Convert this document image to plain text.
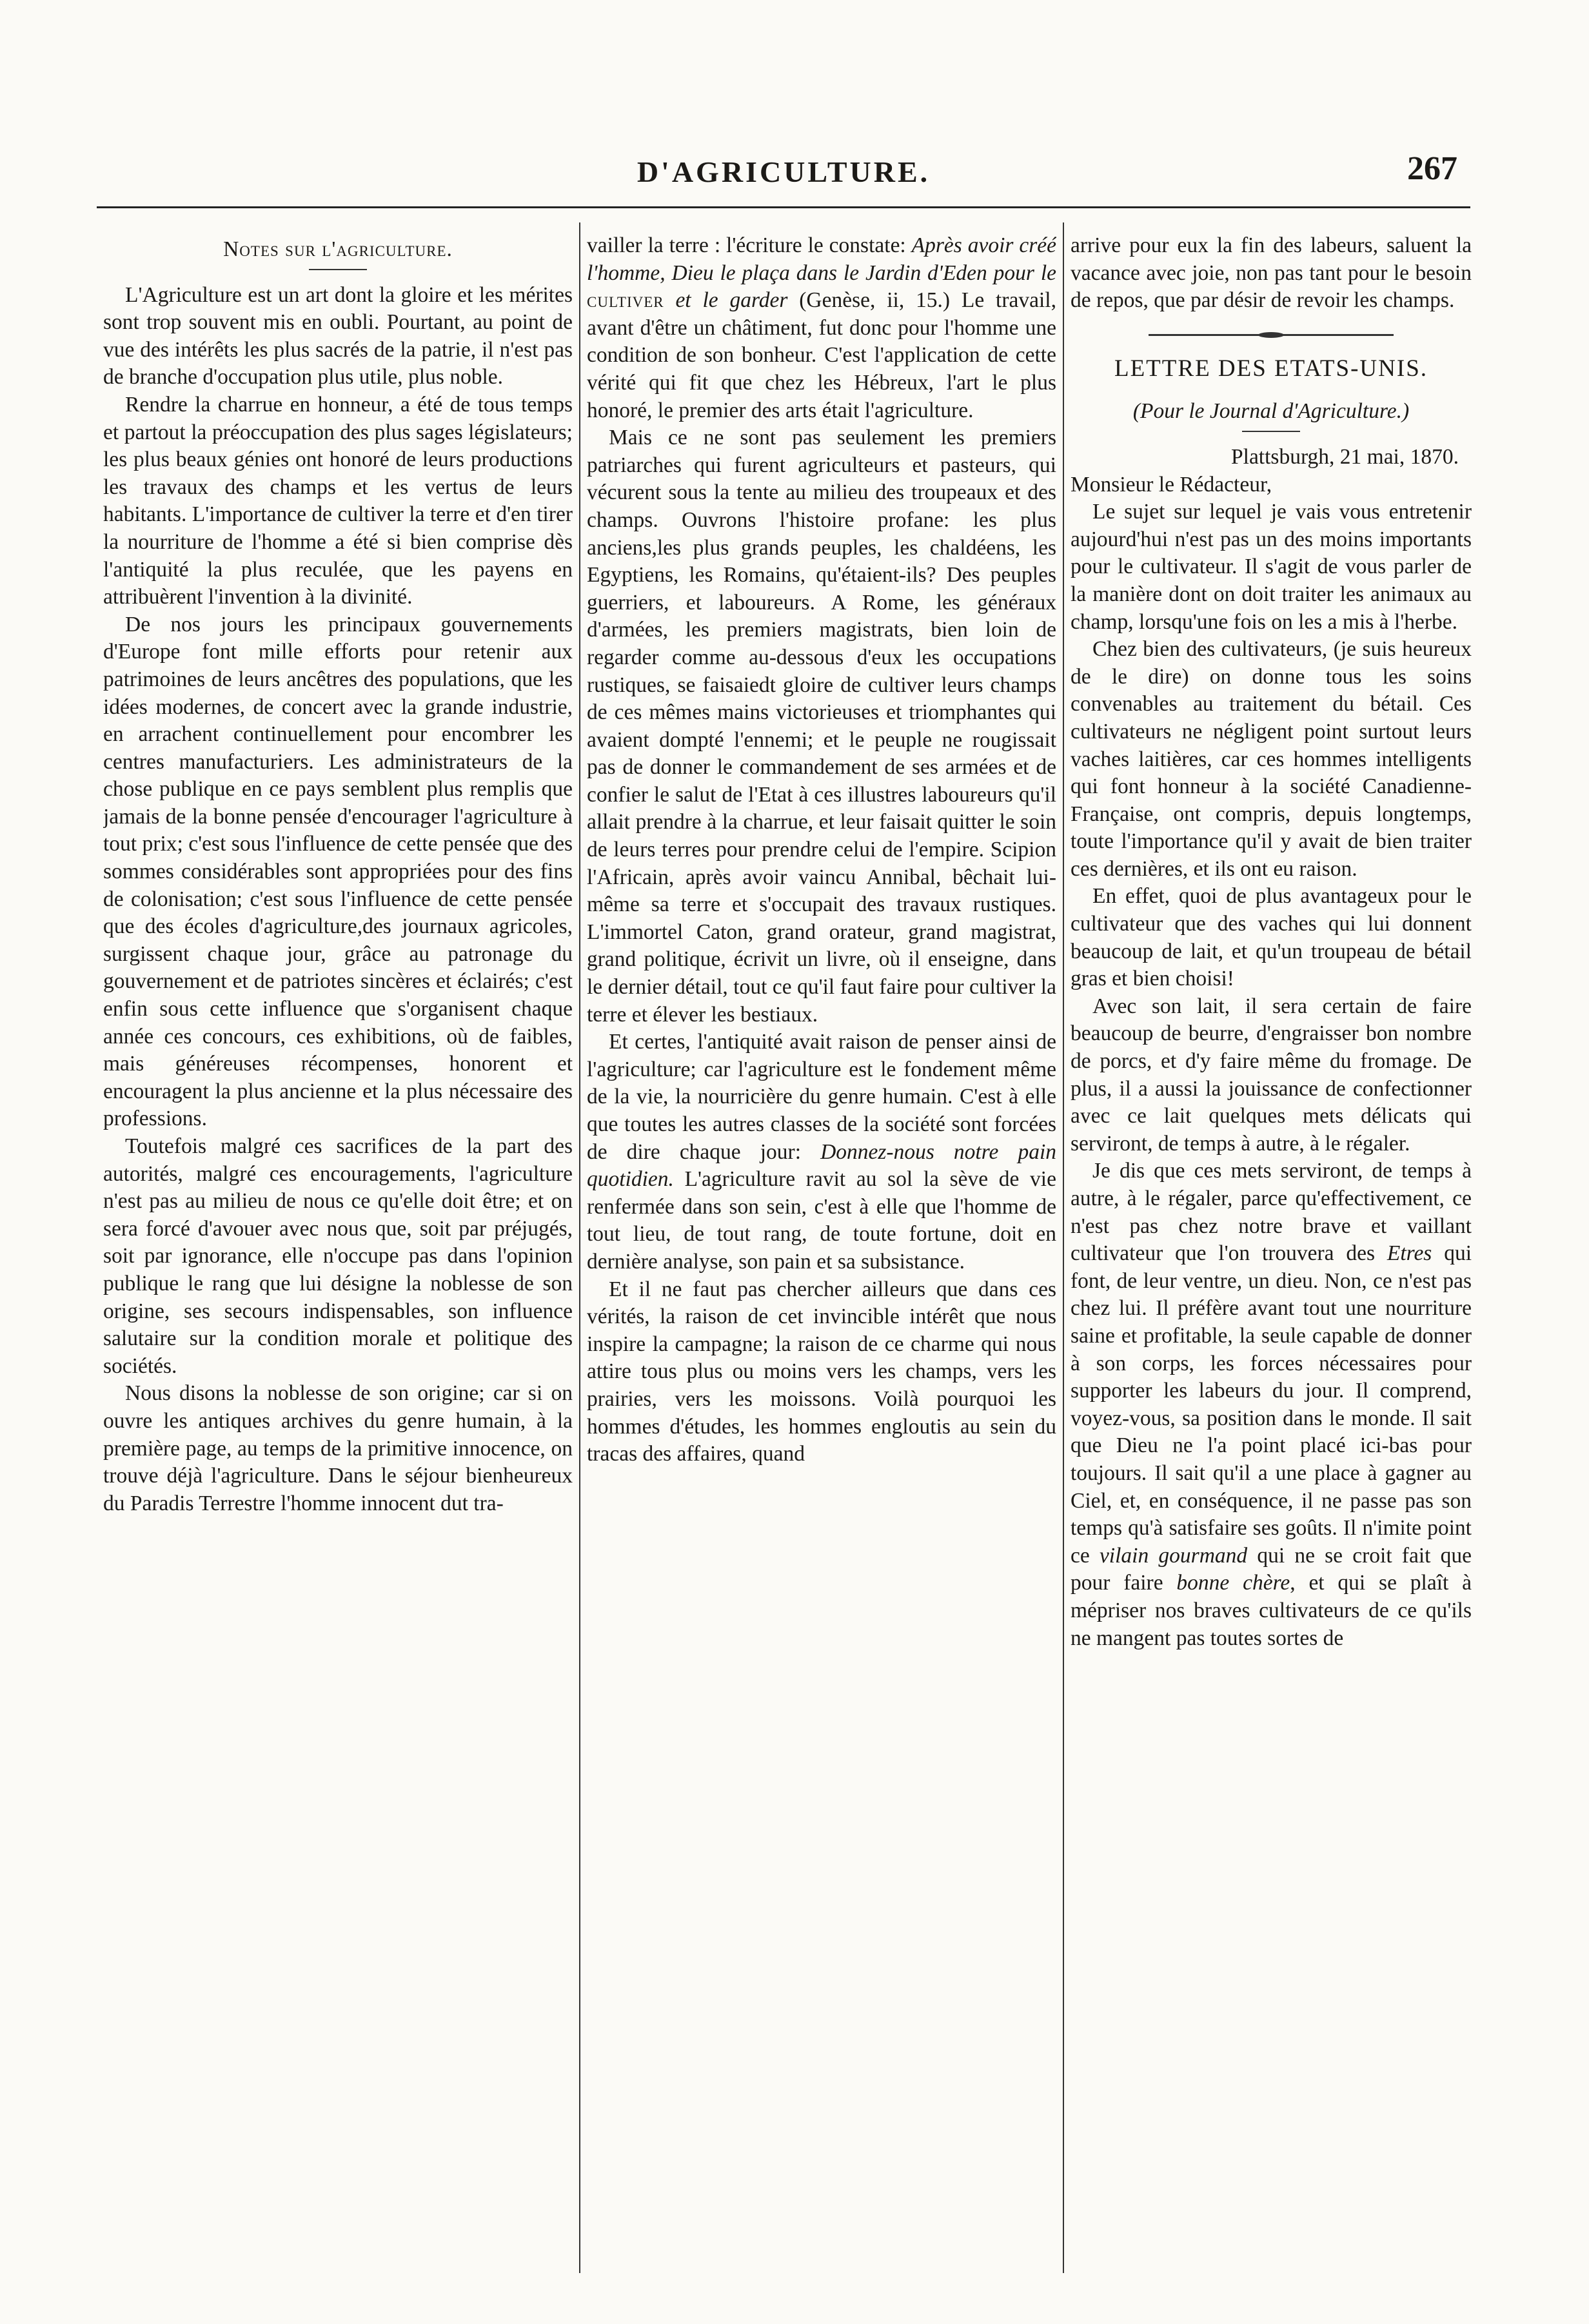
D'AGRICULTURE.	267

Notes sur l'agriculture.

L'Agriculture est un art dont la gloire et les mérites sont trop souvent mis en oubli. Pourtant, au point de vue des intérêts les plus sacrés de la patrie, il n'est pas de branche d'occupation plus utile, plus noble.

Rendre la charrue en honneur, a été de tous temps et partout la préoccupation des plus sages législateurs; les plus beaux génies ont honoré de leurs productions les travaux des champs et les vertus de leurs habitants. L'importance de cultiver la terre et d'en tirer la nourriture de l'homme a été si bien comprise dès l'antiquité la plus reculée, que les payens en attribuèrent l'invention à la divinité.

De nos jours les principaux gouvernements d'Europe font mille efforts pour retenir aux patrimoines de leurs ancêtres des populations, que les idées modernes, de concert avec la grande industrie, en arrachent continuellement pour encombrer les centres manufacturiers. Les administrateurs de la chose publique en ce pays semblent plus remplis que jamais de la bonne pensée d'encourager l'agriculture à tout prix; c'est sous l'influence de cette pensée que des sommes considérables sont appropriées pour des fins de colonisation; c'est sous l'influence de cette pensée que des écoles d'agriculture,des journaux agricoles, surgissent chaque jour, grâce au patronage du gouvernement et de patriotes sincères et éclairés; c'est enfin sous cette influence que s'organisent chaque année ces concours, ces exhibitions, où de faibles, mais généreuses récompenses, honorent et encouragent la plus ancienne et la plus nécessaire des professions.

Toutefois malgré ces sacrifices de la part des autorités, malgré ces encouragements, l'agriculture n'est pas au milieu de nous ce qu'elle doit être; et on sera forcé d'avouer avec nous que, soit par préjugés, soit par ignorance, elle n'occupe pas dans l'opinion publique le rang que lui désigne la noblesse de son origine, ses secours indispensables, son influence salutaire sur la condition morale et politique des sociétés.

Nous disons la noblesse de son origine; car si on ouvre les antiques archives du genre humain, à la première page, au temps de la primitive innocence, on trouve déjà l'agriculture. Dans le séjour bienheureux du Paradis Terrestre l'homme innocent dut tra-

vailler la terre : l'écriture le constate: Après avoir créé l'homme, Dieu le plaça dans le Jardin d'Eden pour le cultiver et le garder (Genèse, ii, 15.) Le travail, avant d'être un châtiment, fut donc pour l'homme une condition de son bonheur. C'est l'application de cette vérité qui fit que chez les Hébreux, l'art le plus honoré, le premier des arts était l'agriculture.

Mais ce ne sont pas seulement les premiers patriarches qui furent agriculteurs et pasteurs, qui vécurent sous la tente au milieu des troupeaux et des champs. Ouvrons l'histoire profane: les plus anciens,les plus grands peuples, les chaldéens, les Egyptiens, les Romains, qu'étaient-ils? Des peuples guerriers, et laboureurs. A Rome, les généraux d'armées, les premiers magistrats, bien loin de regarder comme au-dessous d'eux les occupations rustiques, se faisaiedt gloire de cultiver leurs champs de ces mêmes mains victorieuses et triomphantes qui avaient dompté l'ennemi; et le peuple ne rougissait pas de donner le commandement de ses armées et de confier le salut de l'Etat à ces illustres laboureurs qu'il allait prendre à la charrue, et leur faisait quitter le soin de leurs terres pour prendre celui de l'empire. Scipion l'Africain, après avoir vaincu Annibal, bêchait lui-même sa terre et s'occupait des travaux rustiques. L'immortel Caton, grand orateur, grand magistrat, grand politique, écrivit un livre, où il enseigne, dans le dernier détail, tout ce qu'il faut faire pour cultiver la terre et élever les bestiaux.

Et certes, l'antiquité avait raison de penser ainsi de l'agriculture; car l'agriculture est le fondement même de la vie, la nourricière du genre humain. C'est à elle que toutes les autres classes de la société sont forcées de dire chaque jour: Donnez-nous notre pain quotidien. L'agriculture ravit au sol la sève de vie renfermée dans son sein, c'est à elle que l'homme de tout lieu, de tout rang, de toute fortune, doit en dernière analyse, son pain et sa subsistance.

Et il ne faut pas chercher ailleurs que dans ces vérités, la raison de cet invincible intérêt que nous inspire la campagne; la raison de ce charme qui nous attire tous plus ou moins vers les champs, vers les prairies, vers les moissons. Voilà pourquoi les hommes d'études, les hommes engloutis au sein du tracas des affaires, quand

arrive pour eux la fin des labeurs, saluent la vacance avec joie, non pas tant pour le besoin de repos, que par désir de revoir les champs.

LETTRE DES ETATS-UNIS.

(Pour le Journal d'Agriculture.)

Plattsburgh, 21 mai, 1870.

Monsieur le Rédacteur,

Le sujet sur lequel je vais vous entretenir aujourd'hui n'est pas un des moins importants pour le cultivateur. Il s'agit de vous parler de la manière dont on doit traiter les animaux au champ, lorsqu'une fois on les a mis à l'herbe.

Chez bien des cultivateurs, (je suis heureux de le dire) on donne tous les soins convenables au traitement du bétail. Ces cultivateurs ne négligent point surtout leurs vaches laitières, car ces hommes intelligents qui font honneur à la société Canadienne-Française, ont compris, depuis longtemps, toute l'importance qu'il y avait de bien traiter ces dernières, et ils ont eu raison.

En effet, quoi de plus avantageux pour le cultivateur que des vaches qui lui donnent beaucoup de lait, et qu'un troupeau de bétail gras et bien choisi!

Avec son lait, il sera certain de faire beaucoup de beurre, d'engraisser bon nombre de porcs, et d'y faire même du fromage. De plus, il a aussi la jouissance de confectionner avec ce lait quelques mets délicats qui serviront, de temps à autre, à le régaler.

Je dis que ces mets serviront, de temps à autre, à le régaler, parce qu'effectivement, ce n'est pas chez notre brave et vaillant cultivateur que l'on trouvera des Etres qui font, de leur ventre, un dieu. Non, ce n'est pas chez lui. Il préfère avant tout une nourriture saine et profitable, la seule capable de donner à son corps, les forces nécessaires pour supporter les labeurs du jour. Il comprend, voyez-vous, sa position dans le monde. Il sait que Dieu ne l'a point placé ici-bas pour toujours. Il sait qu'il a une place à gagner au Ciel, et, en conséquence, il ne passe pas son temps qu'à satisfaire ses goûts. Il n'imite point ce vilain gourmand qui ne se croit fait que pour faire bonne chère, et qui se plaît à mépriser nos braves cultivateurs de ce qu'ils ne mangent pas toutes sortes de
